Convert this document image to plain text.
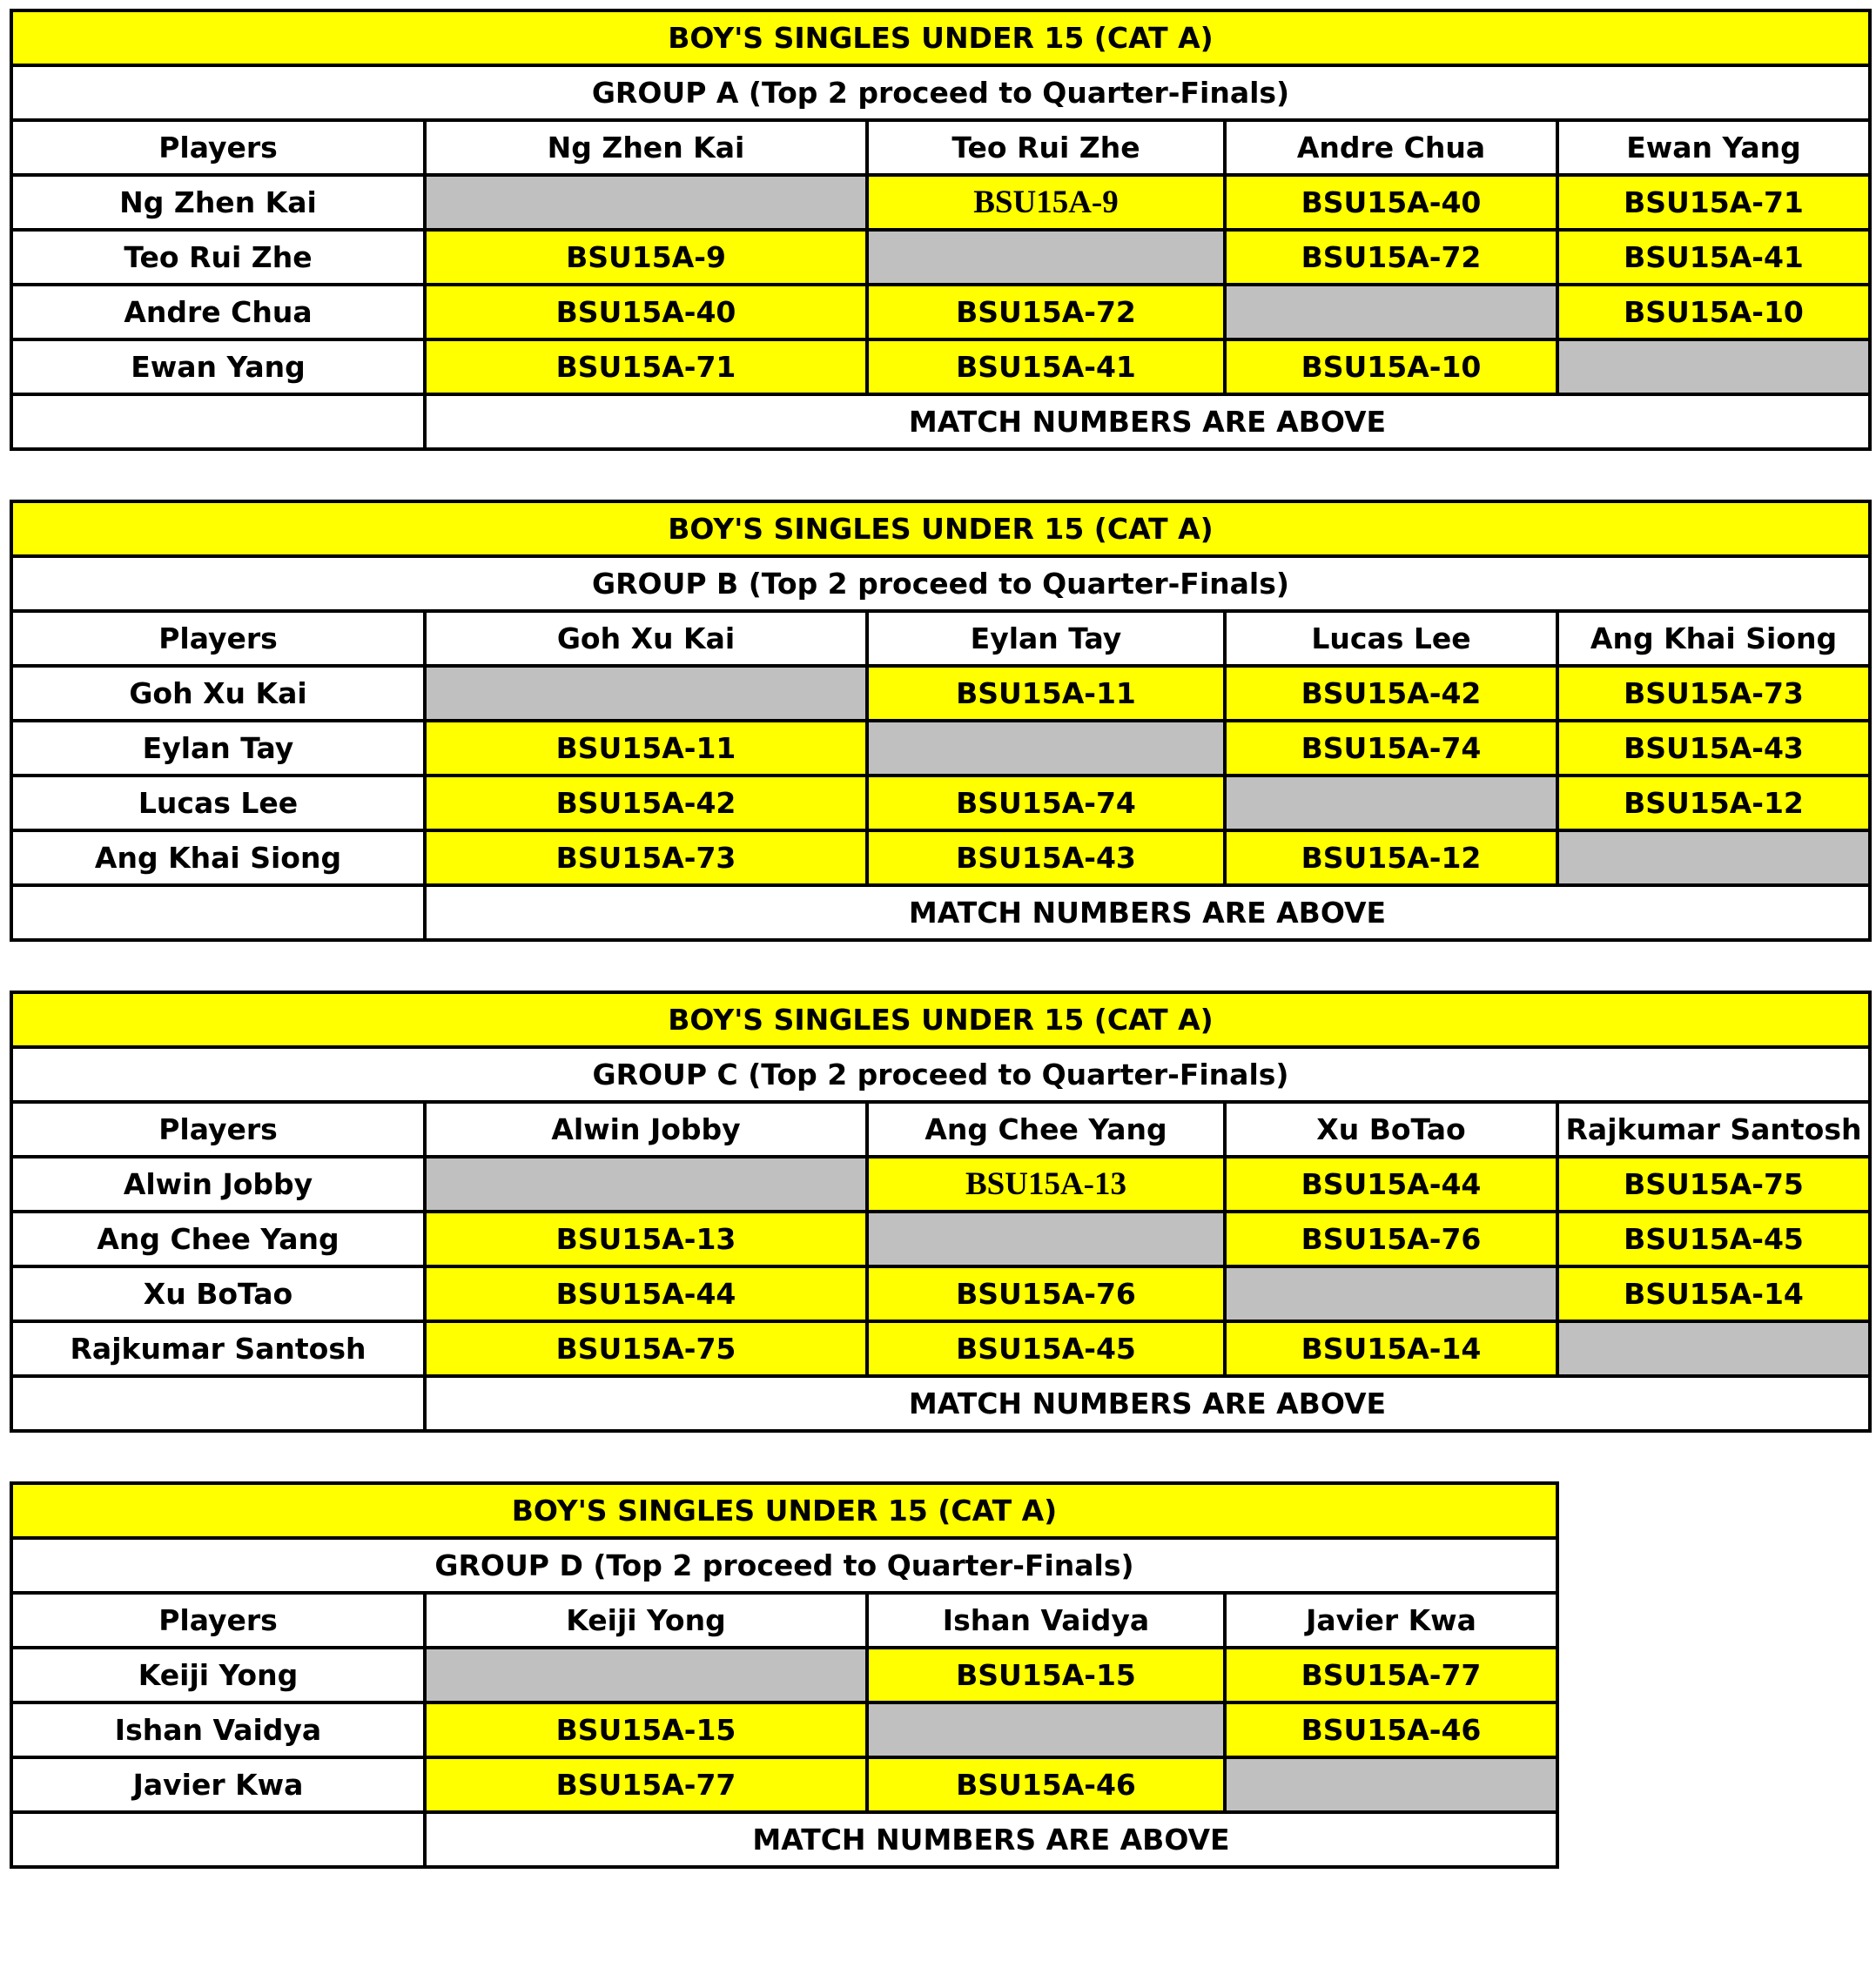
BOY'S SINGLES UNDER 15 (CAT A)				
GROUP A (Top 2 proceed to Quarter-Finals)				
Players	Ng Zhen Kai	Teo Rui Zhe	Andre Chua	Ewan Yang
Ng Zhen Kai		BSU15A-9	BSU15A-40	BSU15A-71
Teo Rui Zhe	BSU15A-9		BSU15A-72	BSU15A-41
Andre Chua	BSU15A-40	BSU15A-72		BSU15A-10
Ewan Yang	BSU15A-71	BSU15A-41	BSU15A-10	
	MATCH NUMBERS ARE ABOVE			
BOY'S SINGLES UNDER 15 (CAT A)				
GROUP B (Top 2 proceed to Quarter-Finals)				
Players	Goh Xu Kai	Eylan Tay	Lucas Lee	Ang Khai Siong
Goh Xu Kai		BSU15A-11	BSU15A-42	BSU15A-73
Eylan Tay	BSU15A-11		BSU15A-74	BSU15A-43
Lucas Lee	BSU15A-42	BSU15A-74		BSU15A-12
Ang Khai Siong	BSU15A-73	BSU15A-43	BSU15A-12	
	MATCH NUMBERS ARE ABOVE			
BOY'S SINGLES UNDER 15 (CAT A)				
GROUP C (Top 2 proceed to Quarter-Finals)				
Players	Alwin Jobby	Ang Chee Yang	Xu BoTao	Rajkumar Santosh
Alwin Jobby		BSU15A-13	BSU15A-44	BSU15A-75
Ang Chee Yang	BSU15A-13		BSU15A-76	BSU15A-45
Xu BoTao	BSU15A-44	BSU15A-76		BSU15A-14
Rajkumar Santosh	BSU15A-75	BSU15A-45	BSU15A-14	
	MATCH NUMBERS ARE ABOVE			
BOY'S SINGLES UNDER 15 (CAT A)			
GROUP D (Top 2 proceed to Quarter-Finals)			
Players	Keiji Yong	Ishan Vaidya	Javier Kwa
Keiji Yong		BSU15A-15	BSU15A-77
Ishan Vaidya	BSU15A-15		BSU15A-46
Javier Kwa	BSU15A-77	BSU15A-46	
	MATCH NUMBERS ARE ABOVE		
